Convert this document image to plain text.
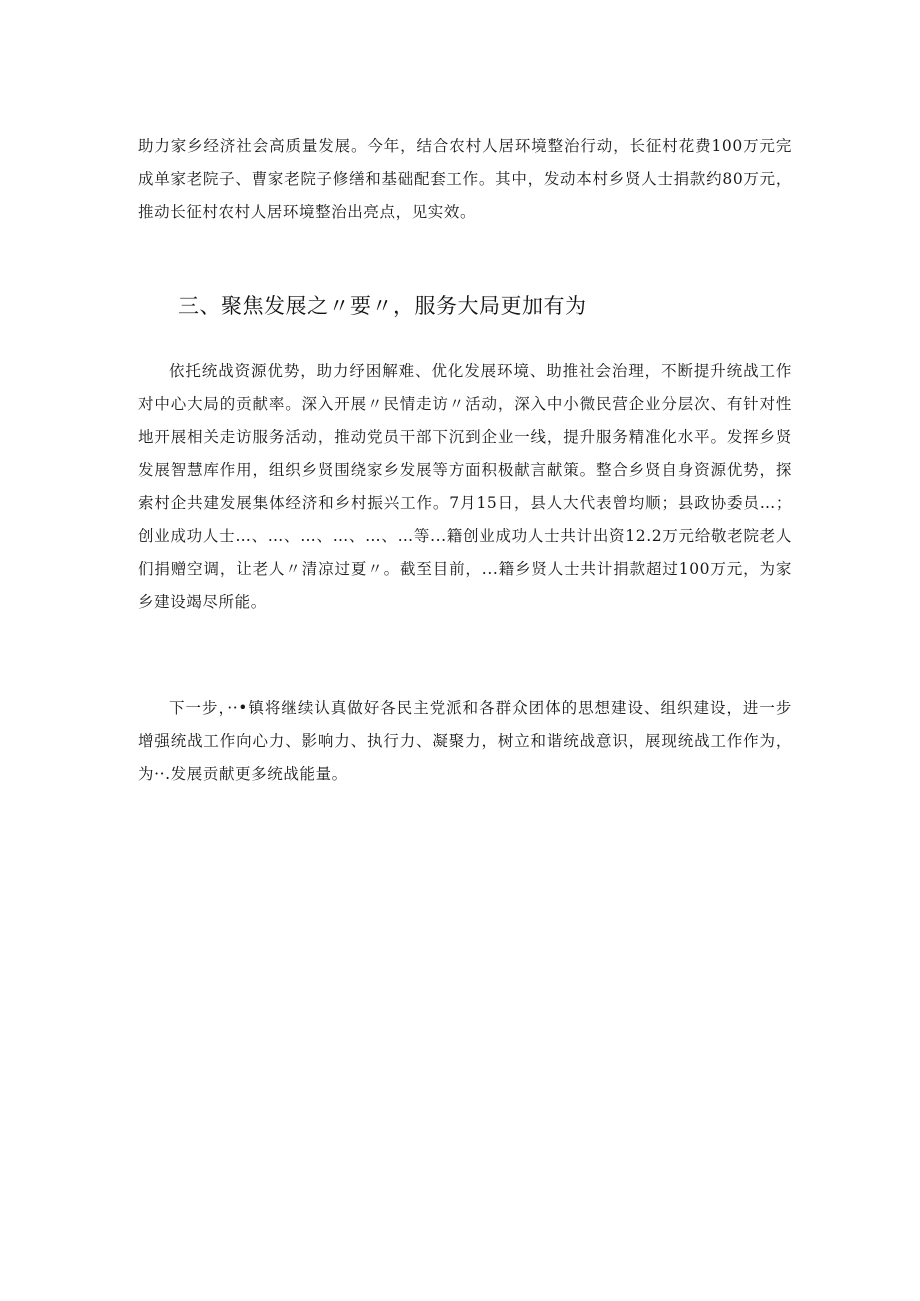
助力家乡经济社会高质量发展。今年，结合农村人居环境整治行动，长征村花费100万元完成单家老院子、曹家老院子修缮和基础配套工作。其中，发动本村乡贤人士捐款约80万元，推动长征村农村人居环境整治出亮点，见实效。

三、聚焦发展之〃要〃，服务大局更加有为

依托统战资源优势，助力纾困解难、优化发展环境、助推社会治理，不断提升统战工作对中心大局的贡献率。深入开展〃民情走访〃活动，深入中小微民营企业分层次、有针对性地开展相关走访服务活动，推动党员干部下沉到企业一线，提升服务精准化水平。发挥乡贤发展智慧库作用，组织乡贤围绕家乡发展等方面积极献言献策。整合乡贤自身资源优势，探索村企共建发展集体经济和乡村振兴工作。7月15日，县人大代表曾均顺；县政协委员…；创业成功人士…、…、…、…、…、…等...籍创业成功人士共计出资12.2万元给敬老院老人们捐赠空调，让老人〃清凉过夏〃。截至目前，...籍乡贤人士共计捐款超过100万元，为家乡建设竭尽所能。

下一步，··•镇将继续认真做好各民主党派和各群众团体的思想建设、组织建设，进一步增强统战工作向心力、影响力、执行力、凝聚力，树立和谐统战意识，展现统战工作作为，为··.发展贡献更多统战能量。
